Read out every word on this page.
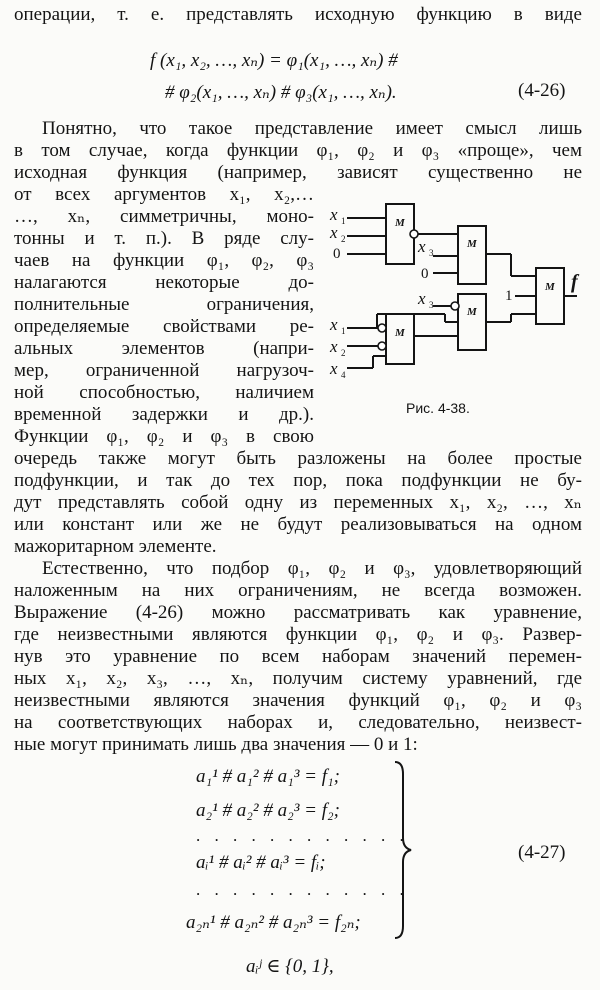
операции, т. е. представлять исходную функцию в виде
f (x₁, x₂, …, xₙ) = φ₁(x₁, …, xₙ) #
# φ₂(x₁, …, xₙ) # φ₃(x₁, …, xₙ).	(4-26)
Понятно, что такое представление имеет смысл лишь
в том случае, когда функции φ₁, φ₂ и φ₃ «проще», чем
исходная функция (например, зависят существенно не
от всех аргументов x₁, x₂,…
…, xₙ, симметричны, моно-
тонны и т. п.). В ряде слу-
чаев на функции φ₁, φ₂, φ₃
налагаются некоторые до-
полнительные ограничения,
определяемые свойствами ре-
альных элементов (напри-
мер, ограниченной нагрузоч-
ной способностью, наличием
временной задержки и др.).
Функции φ₁, φ₂ и φ₃ в свою
M
M
M
M
M
x 1
x 2
0	x 3
0
1
x 3
x 1
x 2
x 4
f
Рис. 4-38.
очередь также могут быть разложены на более простые
подфункции, и так до тех пор, пока подфункции не бу-
дут представлять собой одну из переменных x₁, x₂, …, xₙ
или констант или же не будут реализовываться на одном
мажоритарном элементе.
Естественно, что подбор φ₁, φ₂ и φ₃, удовлетворяющий
наложенным на них ограничениям, не всегда возможен.
Выражение (4-26) можно рассматривать как уравнение,
где неизвестными являются функции φ₁, φ₂ и φ₃. Развер-
нув это уравнение по всем наборам значений перемен-
ных x₁, x₂, x₃, …, xₙ, получим систему уравнений, где
неизвестными являются значения функций φ₁, φ₂ и φ₃
на соответствующих наборах и, следовательно, неизвест-
ные могут принимать лишь два значения — 0 и 1:
a₁¹ # a₁² # a₁³ = f₁;
a₂¹ # a₂² # a₂³ = f₂;
. . . . . . . . . . . .
aᵢ¹ # aᵢ² # aᵢ³ = fᵢ;
. . . . . . . . . . . .
a₂ₙ¹ # a₂ₙ² # a₂ₙ³ = f₂ₙ;
aᵢʲ ∈ {0, 1},
(4-27)
